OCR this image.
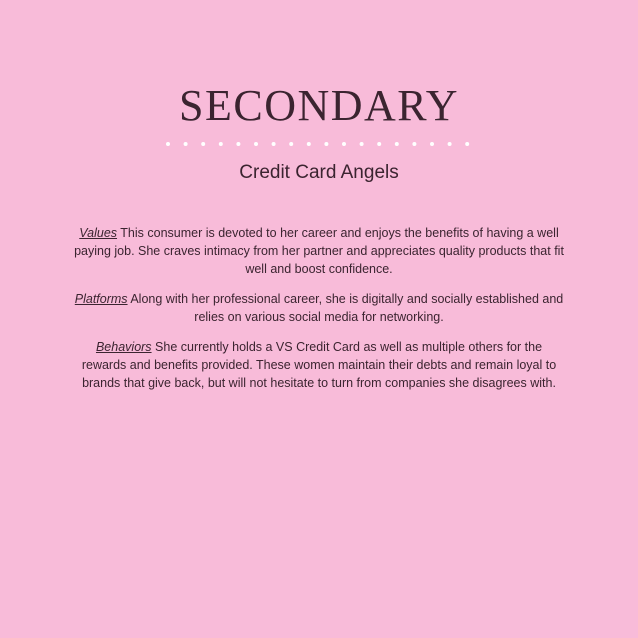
SECONDARY
Credit Card Angels

Values This consumer is devoted to her career and enjoys the benefits of having a well paying job. She craves intimacy from her partner and appreciates quality products that fit well and boost confidence.

Platforms Along with her professional career, she is digitally and socially established and relies on various social media for networking.

Behaviors She currently holds a VS Credit Card as well as multiple others for the rewards and benefits provided. These women maintain their debts and remain loyal to brands that give back, but will not hesitate to turn from companies she disagrees with.
